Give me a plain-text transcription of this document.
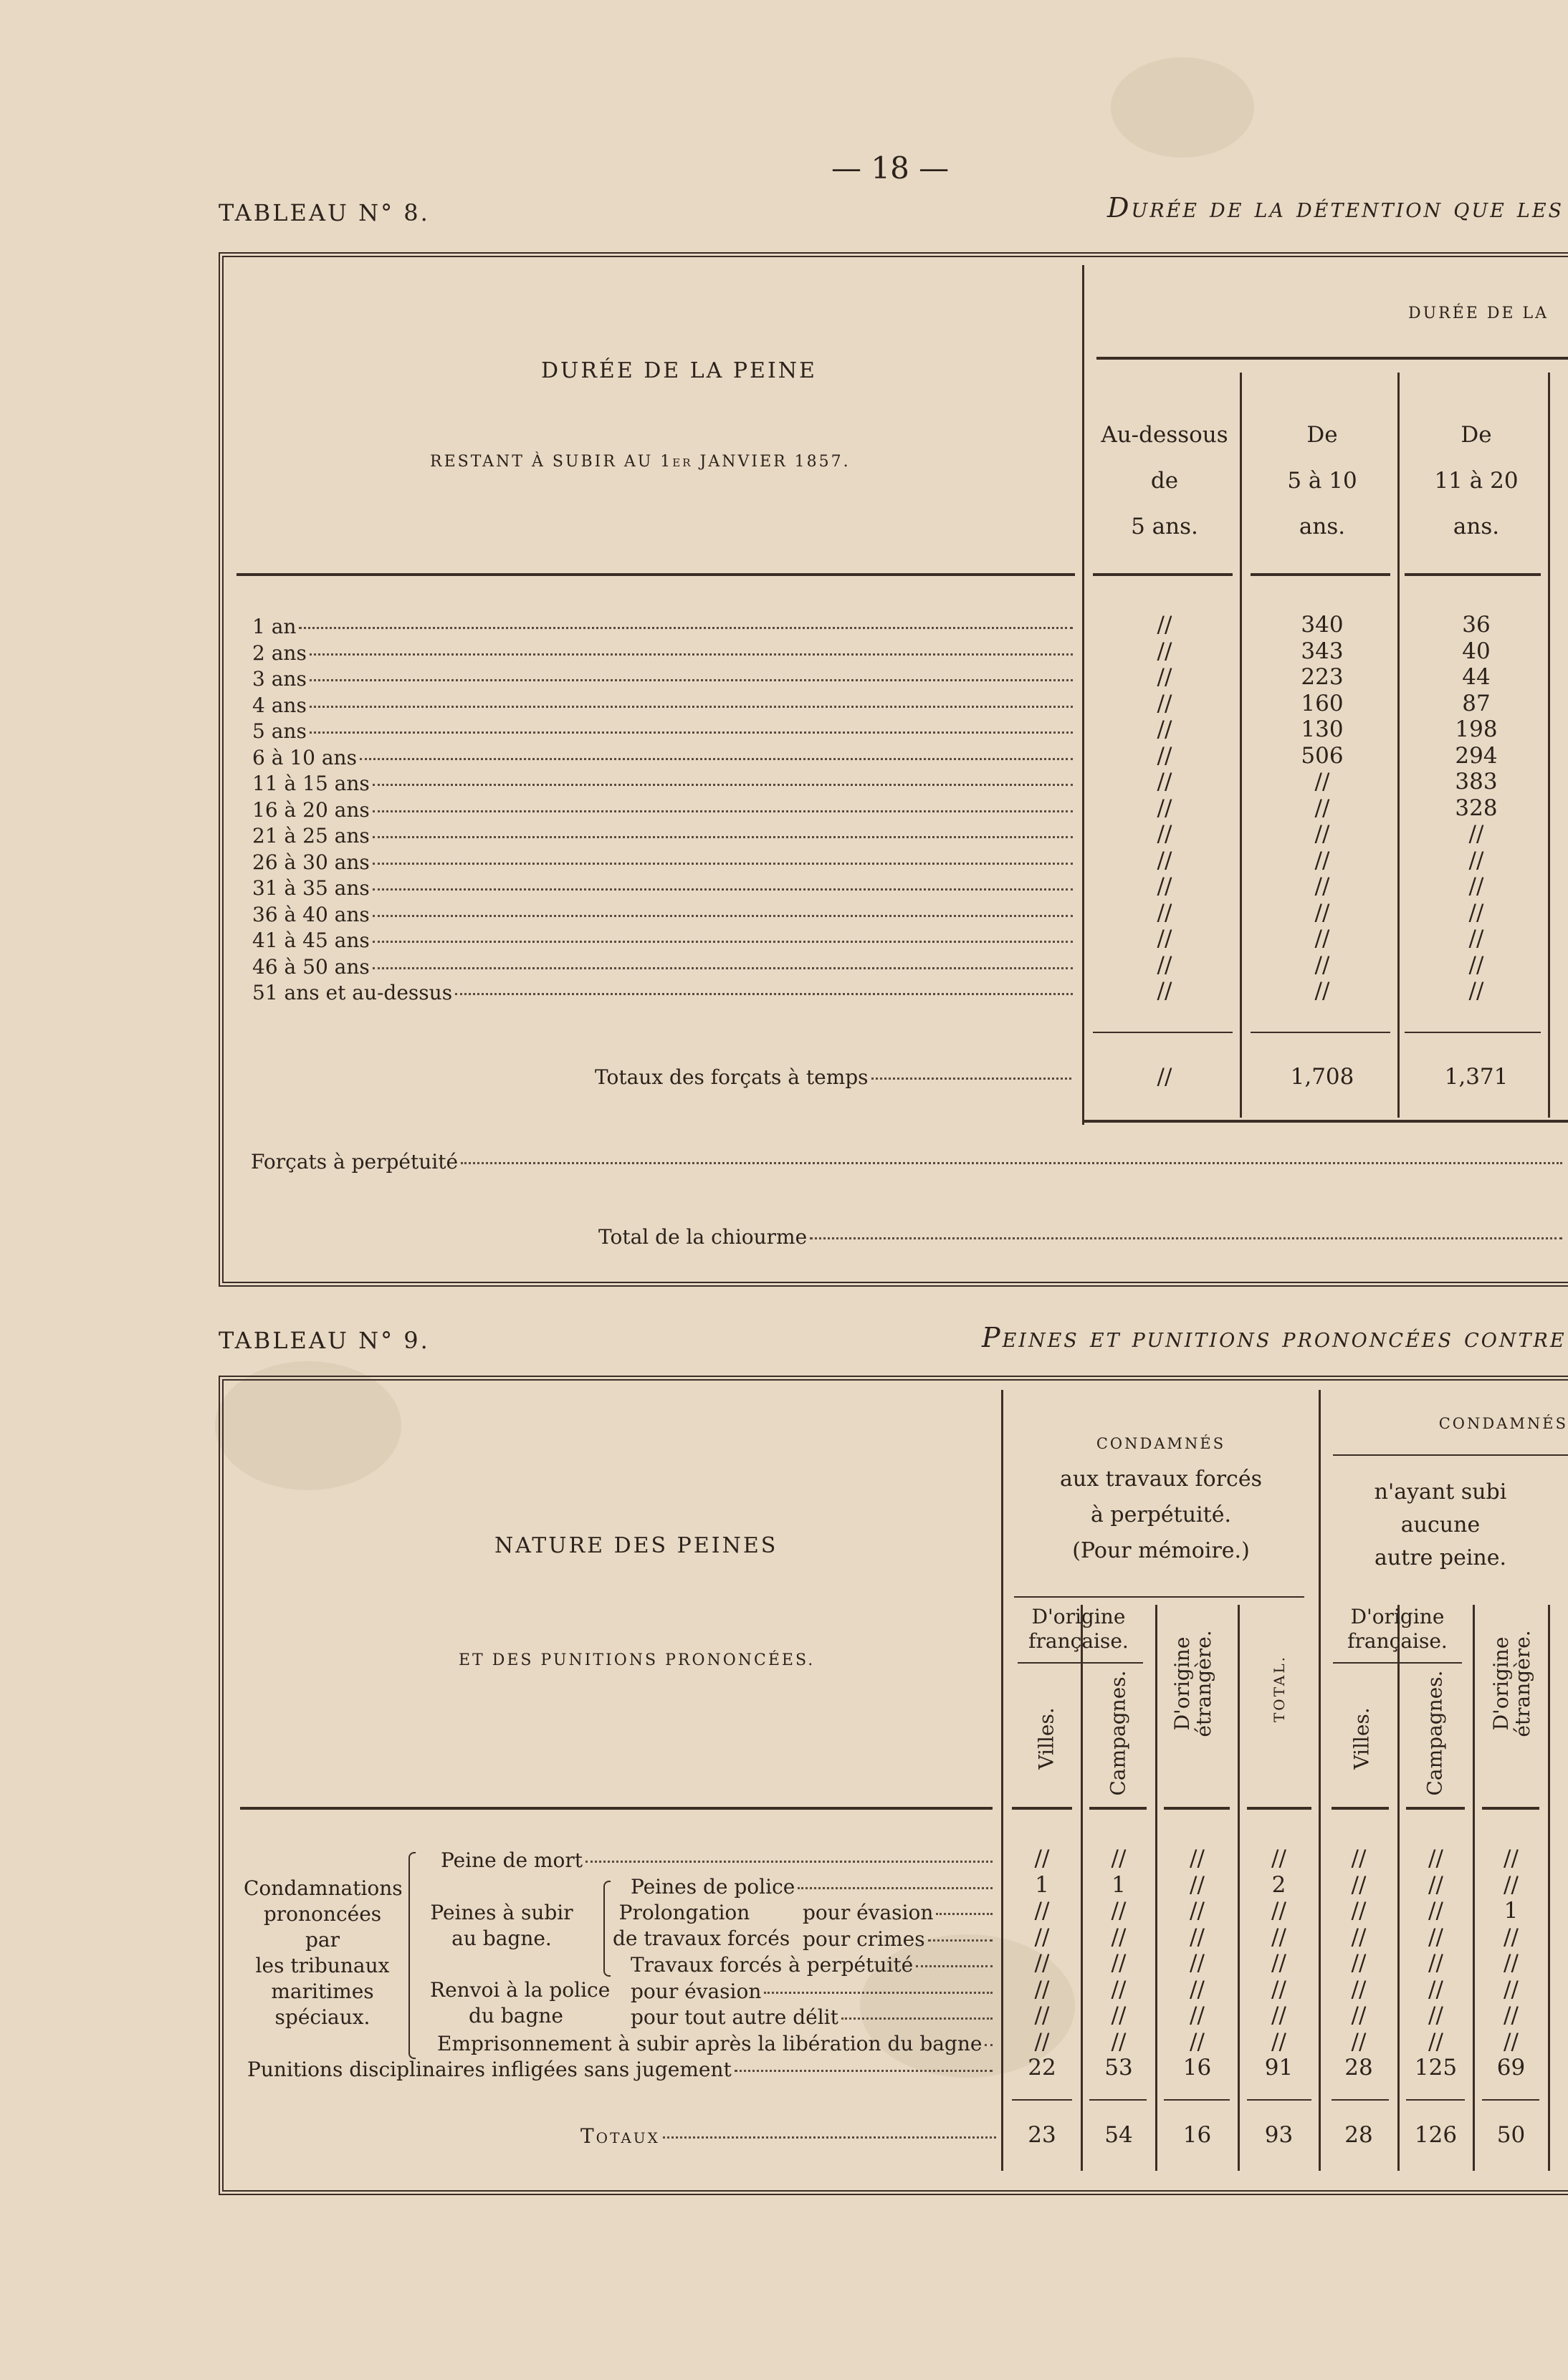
— 18 —
TABLEAU N° 8.	Durée de la détention que les
DURÉE DE LA PEINE
RESTANT À SUBIR AU 1er JANVIER 1857.
DURÉE DE LA
Au-dessous
de
5 ans.
De
5 à 10
ans.
De
11 à 20
ans.
1 an	//	340	36
2 ans	//	343	40
3 ans	//	223	44
4 ans	//	160	87
5 ans	//	130	198
6 à 10 ans	//	506	294
11 à 15 ans	//	//	383
16 à 20 ans	//	//	328
21 à 25 ans	//	//	//
26 à 30 ans	//	//	//
31 à 35 ans	//	//	//
36 à 40 ans	//	//	//
41 à 45 ans	//	//	//
46 à 50 ans	//	//	//
51 ans et au-dessus	//	//	//
Totaux des forçats à temps	//	1,708	1,371
Forçats à perpétuité
Total de la chiourme
TABLEAU N° 9.	Peines et punitions prononcées contre
NATURE DES PEINES
ET DES PUNITIONS PRONONCÉES.
CONDAMNÉS
aux travaux forcés
à perpétuité.
(Pour mémoire.)
CONDAMNÉS
n'ayant subi
aucune
autre peine.
D'origine française.
D'origine française.
Villes. Campagnes. D'origine étrangère.	TOTAL.
Villes. Campagnes. D'origine étrangère.
Condamnations
prononcées
par
les tribunaux
maritimes
spéciaux.
Peines à subir
au bagne.
Prolongation
de travaux forcés
Renvoi à la police
du bagne
Peine de mort	//	//	//	//	//	//	//
Peines de police	1	1	//	2	//	//	//
pour évasion	//	//	//	//	//	//	1
pour crimes	//	//	//	//	//	//	//
Travaux forcés à perpétuité	//	//	//	//	//	//	//
pour évasion	//	//	//	//	//	//	//
pour tout autre délit	//	//	//	//	//	//	//
Emprisonnement à subir après la libération du bagne	//	//	//	//	//	//	//
Punitions disciplinaires infligées sans jugement	22	53	16	91	28	125	69
Totaux	23	54	16	93	28	126	50
